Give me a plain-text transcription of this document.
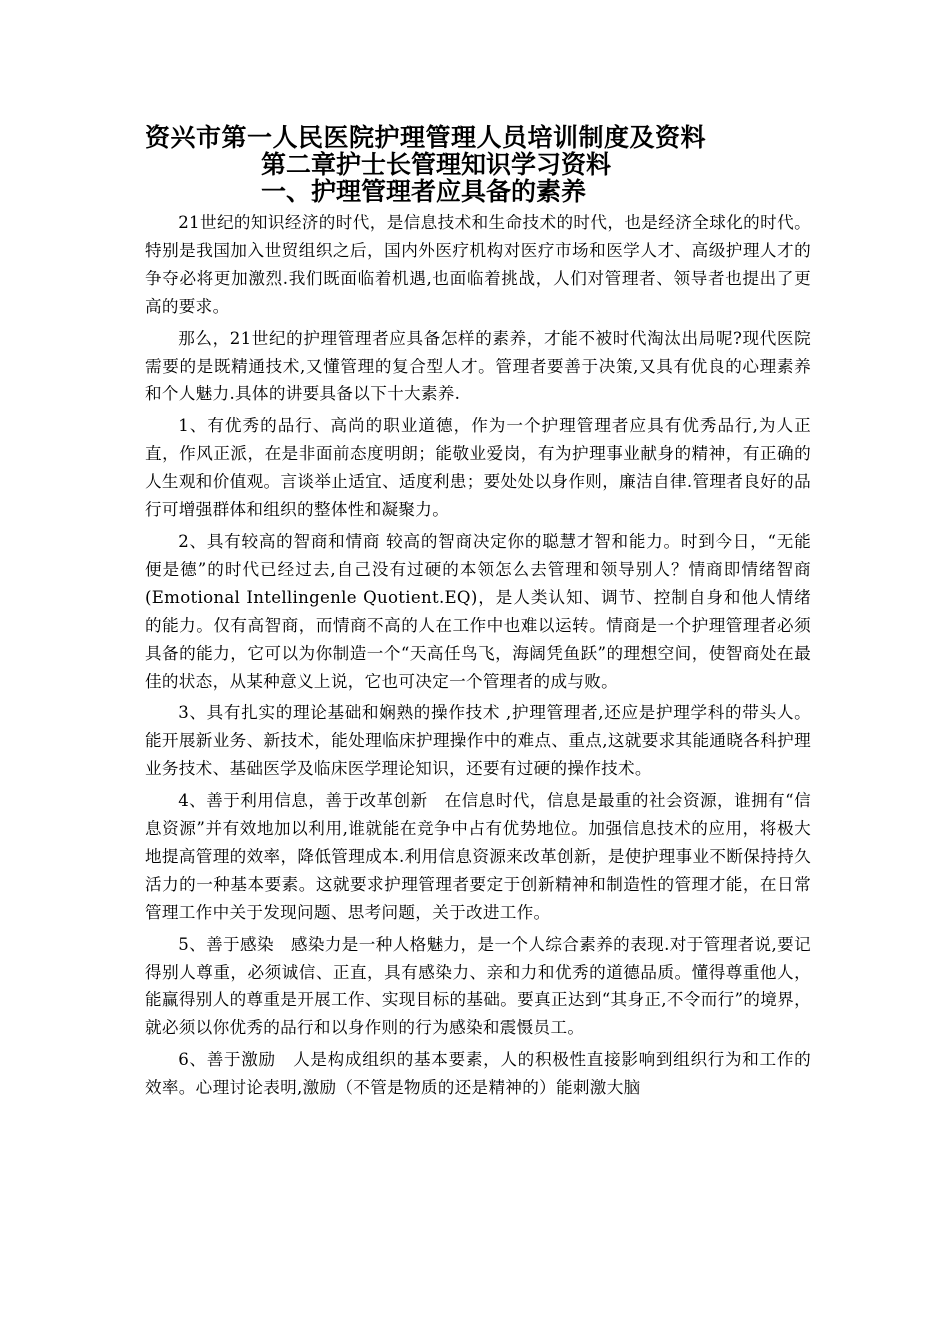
资兴市第一人民医院护理管理人员培训制度及资料
第二章护士长管理知识学习资料
一、护理管理者应具备的素养

21世纪的知识经济的时代，是信息技术和生命技术的时代，也是经济全球化的时代。特别是我国加入世贸组织之后，国内外医疗机构对医疗市场和医学人才、高级护理人才的争夺必将更加激烈.我们既面临着机遇,也面临着挑战，人们对管理者、领导者也提出了更高的要求。

那么，21世纪的护理管理者应具备怎样的素养，才能不被时代淘汰出局呢?现代医院需要的是既精通技术,又懂管理的复合型人才。管理者要善于决策,又具有优良的心理素养和个人魅力.具体的讲要具备以下十大素养.

1、有优秀的品行、高尚的职业道德，作为一个护理管理者应具有优秀品行,为人正直，作风正派，在是非面前态度明朗；能敬业爱岗，有为护理事业献身的精神，有正确的人生观和价值观。言谈举止适宜、适度利患；要处处以身作则，廉洁自律.管理者良好的品行可增强群体和组织的整体性和凝聚力。

2、具有较高的智商和情商 较高的智商决定你的聪慧才智和能力。时到今日，“无能便是德”的时代已经过去,自己没有过硬的本领怎么去管理和领导别人？情商即情绪智商(Emotional Intellingenle Quotient.EQ)，是人类认知、调节、控制自身和他人情绪的能力。仅有高智商，而情商不高的人在工作中也难以运转。情商是一个护理管理者必须具备的能力，它可以为你制造一个“天高任鸟飞，海阔凭鱼跃”的理想空间，使智商处在最佳的状态，从某种意义上说，它也可决定一个管理者的成与败。

3、具有扎实的理论基础和娴熟的操作技术 ,护理管理者,还应是护理学科的带头人。能开展新业务、新技术，能处理临床护理操作中的难点、重点,这就要求其能通晓各科护理业务技术、基础医学及临床医学理论知识，还要有过硬的操作技术。

4、善于利用信息，善于改革创新　在信息时代，信息是最重的社会资源，谁拥有“信息资源”并有效地加以利用,谁就能在竞争中占有优势地位。加强信息技术的应用，将极大地提高管理的效率，降低管理成本.利用信息资源来改革创新，是使护理事业不断保持持久活力的一种基本要素。这就要求护理管理者要定于创新精神和制造性的管理才能，在日常管理工作中关于发现问题、思考问题，关于改进工作。

5、善于感染　感染力是一种人格魅力，是一个人综合素养的表现.对于管理者说,要记得别人尊重，必须诚信、正直，具有感染力、亲和力和优秀的道德品质。懂得尊重他人，能赢得别人的尊重是开展工作、实现目标的基础。要真正达到“其身正,不令而行”的境界，就必须以你优秀的品行和以身作则的行为感染和震慑员工。

6、善于激励　人是构成组织的基本要素，人的积极性直接影响到组织行为和工作的效率。心理讨论表明,激励（不管是物质的还是精神的）能刺激大脑
